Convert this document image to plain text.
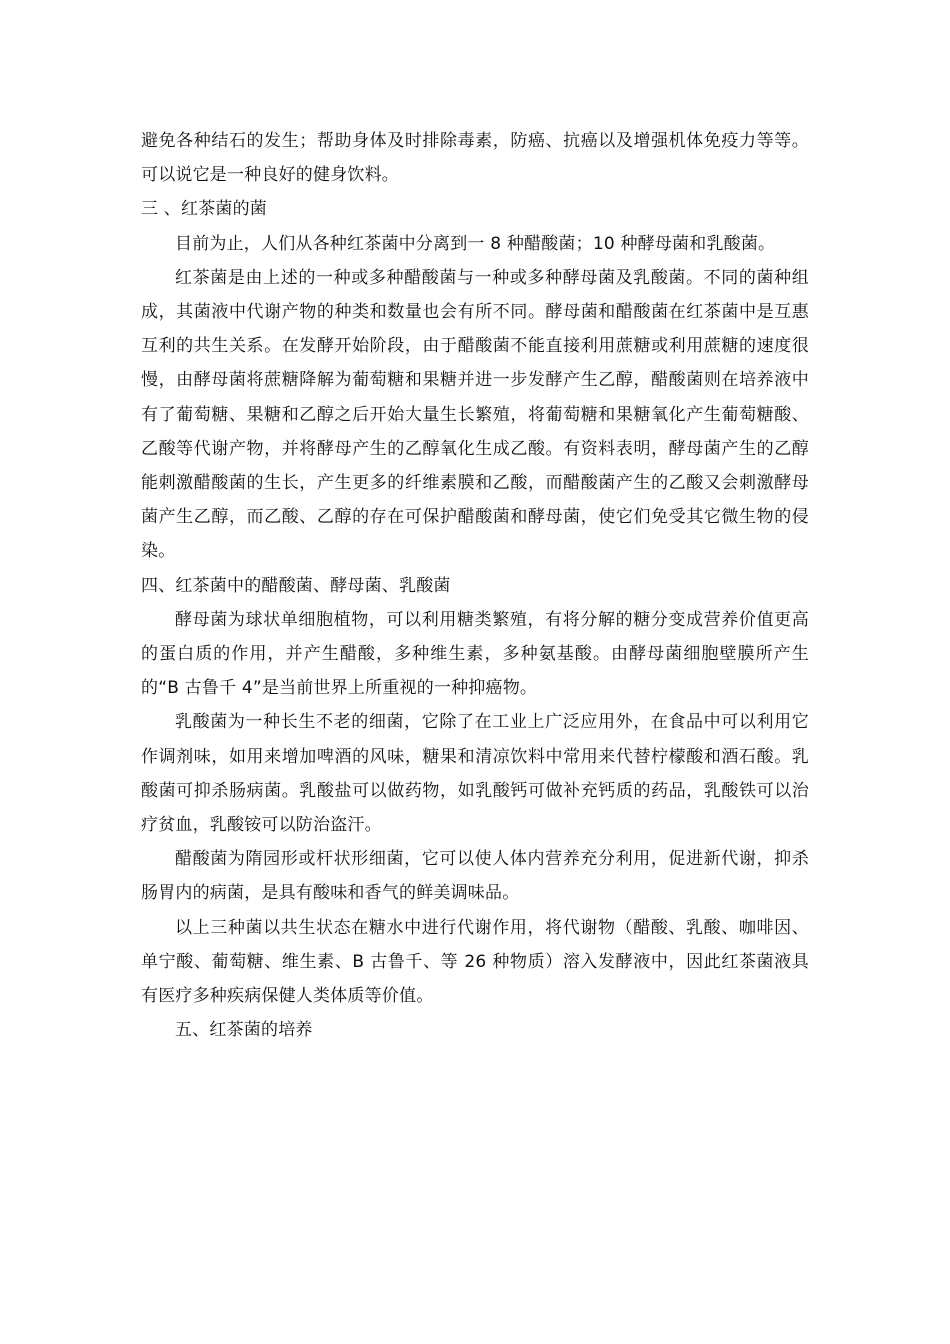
避免各种结石的发生；帮助身体及时排除毒素，防癌、抗癌以及增强机体免疫力等等。可以说它是一种良好的健身饮料。

三 、红茶菌的菌

目前为止，人们从各种红茶菌中分离到一 8 种醋酸菌；10 种酵母菌和乳酸菌。

红茶菌是由上述的一种或多种醋酸菌与一种或多种酵母菌及乳酸菌。不同的菌种组成，其菌液中代谢产物的种类和数量也会有所不同。酵母菌和醋酸菌在红茶菌中是互惠互利的共生关系。在发酵开始阶段，由于醋酸菌不能直接利用蔗糖或利用蔗糖的速度很慢，由酵母菌将蔗糖降解为葡萄糖和果糖并进一步发酵产生乙醇，醋酸菌则在培养液中有了葡萄糖、果糖和乙醇之后开始大量生长繁殖，将葡萄糖和果糖氧化产生葡萄糖酸、乙酸等代谢产物，并将酵母产生的乙醇氧化生成乙酸。有资料表明，酵母菌产生的乙醇能刺激醋酸菌的生长，产生更多的纤维素膜和乙酸，而醋酸菌产生的乙酸又会刺激酵母菌产生乙醇，而乙酸、乙醇的存在可保护醋酸菌和酵母菌，使它们免受其它微生物的侵染。

四、红茶菌中的醋酸菌、酵母菌、乳酸菌

酵母菌为球状单细胞植物，可以利用糖类繁殖，有将分解的糖分变成营养价值更高的蛋白质的作用，并产生醋酸，多种维生素，多种氨基酸。由酵母菌细胞壁膜所产生的“B 古鲁千 4”是当前世界上所重视的一种抑癌物。

乳酸菌为一种长生不老的细菌，它除了在工业上广泛应用外，在食品中可以利用它作调剂味，如用来增加啤酒的风味，糖果和清凉饮料中常用来代替柠檬酸和酒石酸。乳酸菌可抑杀肠病菌。乳酸盐可以做药物，如乳酸钙可做补充钙质的药品，乳酸铁可以治疗贫血，乳酸铵可以防治盗汗。

醋酸菌为隋园形或杆状形细菌，它可以使人体内营养充分利用，促进新代谢，抑杀肠胃内的病菌，是具有酸味和香气的鲜美调味品。

以上三种菌以共生状态在糖水中进行代谢作用，将代谢物（醋酸、乳酸、咖啡因、单宁酸、葡萄糖、维生素、B 古鲁千、等 26 种物质）溶入发酵液中，因此红茶菌液具有医疗多种疾病保健人类体质等价值。

五、红茶菌的培养
